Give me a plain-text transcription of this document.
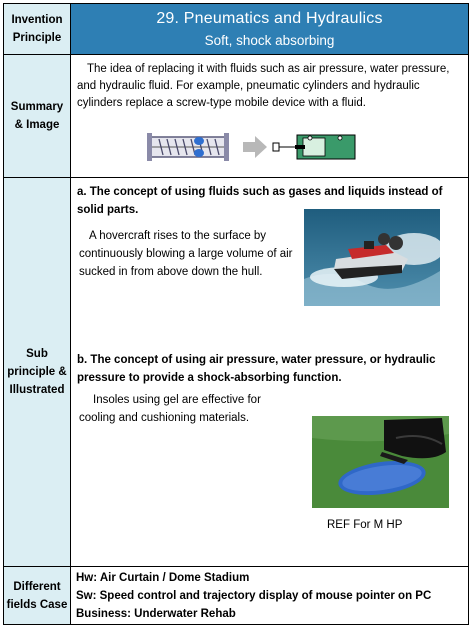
Invention Principle
29. Pneumatics and Hydraulics
Soft, shock absorbing
Summary & Image
The idea of replacing it with fluids such as air pressure, water pressure, and hydraulic fluid. For example, pneumatic cylinders and hydraulic cylinders replace a screw-type mobile device with a fluid.
Sub principle & Illustrated
a. The concept of using fluids such as gases and liquids instead of solid parts.
A hovercraft rises to the surface by continuously blowing a large volume of air sucked in from above down the hull.
b. The concept of using air pressure, water pressure, or hydraulic pressure to provide a shock-absorbing function.
Insoles using gel are effective for cooling and cushioning materials.
REF For M HP
Different fields Case
Hw: Air Curtain / Dome Stadium
Sw: Speed control and trajectory display of mouse pointer on PC
Business: Underwater Rehab
